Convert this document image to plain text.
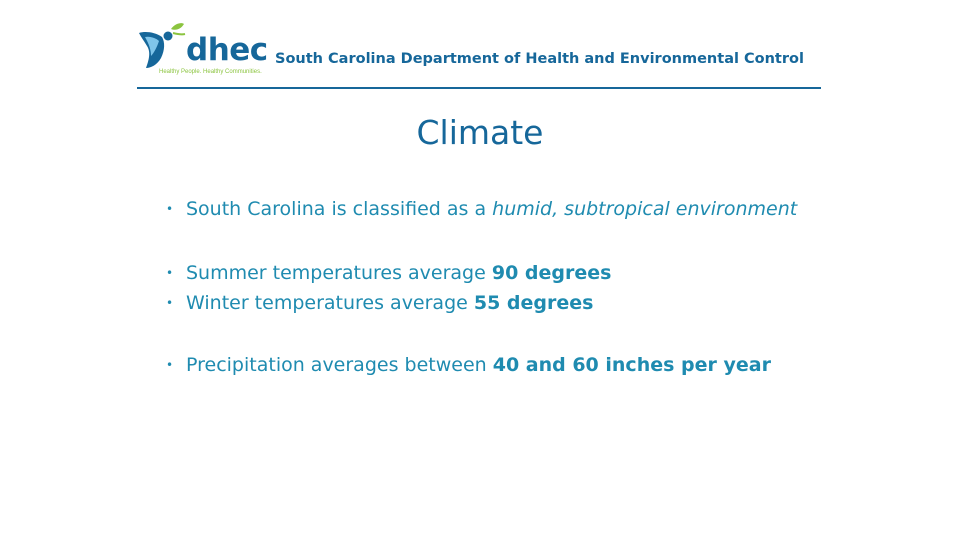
dhec
Healthy People. Healthy Communities.
South Carolina Department of Health and Environmental Control
Climate
• South Carolina is classified as a humid, subtropical environment
• Summer temperatures average 90 degrees
• Winter temperatures average 55 degrees
• Precipitation averages between 40 and 60 inches per year
